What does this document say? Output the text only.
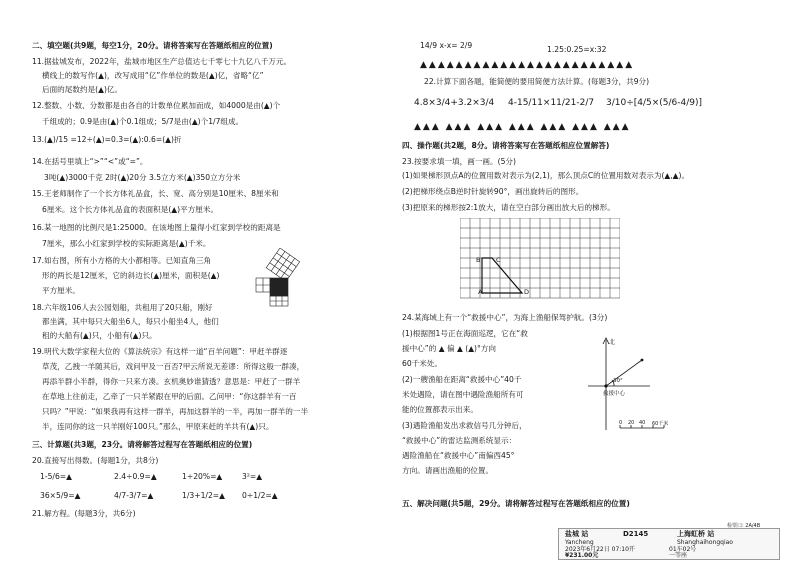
二、填空题(共9题，每空1分，20分。请将答案写在答题纸相应的位置)
11.据盐城发布，2022年，盐城市地区生产总值达七千零七十九亿八千万元。
横线上的数写作(▲)，改写成用“亿”作单位的数是(▲)亿，省略“亿”
后面的尾数约是(▲)亿。
12.整数、小数、分数都是由各自的计数单位累加而成，如4000是由(▲)个
千组成的；0.9是由(▲)个0.1组成；5/7是由(▲)个1/7组成。
13.(▲)/15 =12÷(▲)=0.3=(▲):0.6=(▲)折
14.在括号里填上“>”“<”或“=”。
3吨(▲)3000千克 2时(▲)20分 3.5立方米(▲)350立方分米
15.王老师制作了一个长方体礼品盒，长、宽、高分别是10厘米、8厘米和
6厘米。这个长方体礼品盒的表面积是(▲)平方厘米。
16.某一地图的比例尺是1:25000。在该地图上量得小红家到学校的距离是
7厘米，那么小红家到学校的实际距离是(▲)千米。
17.如右图，所有小方格的大小都相等。已知直角三角
形的两长是12厘米，它的斜边长(▲)厘米，面积是(▲)
平方厘米。
18.六年级106人去公园划船，共租用了20只船，刚好
都坐满，其中每只大船坐6人，每只小船坐4人，他们
租的大船有(▲)只，小船有(▲)只。
19.明代大数学家程大位的《算法统宗》有这样一道“百羊问题”：甲赶羊群逐
草茂，乙拽一羊随其后，戏问甲及一百否?甲云所说无差谬：所得这般一群凑，
再添半群小半群，得你一只来方凑。玄机奥妙谁猜透？意思是：甲赶了一群羊
在草地上往前走，乙牵了一只羊紧跟在甲的后面。乙问甲：“你这群羊有一百
只吗？”甲说：“如果我再有这样一群羊，再加这群羊的一半，再加一群羊的一半
半，连同你的这一只羊刚好100只。”那么，甲原来赶的羊共有(▲)只。
三、计算题(共3题，23分。请将解答过程写在答题纸相应的位置)
20.直接写出得数。(每题1分，共8分)
1-5/6=▲	2.4÷0.9=▲	1÷20%=▲	3²=▲
36×5/9=▲	4/7-3/7=▲	1/3+1/2=▲ 0÷1/2=▲
21.解方程。(每题3分，共6分)
14/9 x-x= 2/9	1.25:0.25=x:32
▲▲▲▲▲▲▲▲▲▲▲▲▲▲▲▲▲▲▲▲▲▲▲▲
22.计算下面各题，能简便的要用简便方法计算。(每题3分，共9分)
4.8×3/4+3.2×3/4 4-15/11×11/21-2/7 3/10÷[4/5×(5/6-4/9)]
▲▲▲ ▲▲▲ ▲▲▲ ▲▲▲ ▲▲▲ ▲▲▲ ▲▲▲
四、操作题(共2题，8分。请将答案写在答题纸相应位置解答)
23.按要求填一填，画一画。(5分)
(1)如果梯形顶点A的位置用数对表示为(2,1)，那么顶点C的位置用数对表示为(▲,▲)。
(2)把梯形绕点B逆时针旋转90°，画出旋转后的图形。
(3)把原来的梯形按2:1放大，请在空白部分画出放大后的梯形。
24.某海域上有一个“救援中心”，为海上渔船保驾护航。(3分)
(1)根据图1号正在海面巡逻，它在“救
援中心”的 ▲ 偏 ▲ (▲)°方向
60千米处。
(2)一艘渔船在距离“救援中心”40千
米处遇险，请在图中遇险渔船所有可
能的位置都表示出来。
(3)遇险渔船发出求救信号几分钟后，
“救援中心”的雷达监测系统显示：
遇险渔船在“救援中心”南偏西45°
方向。请画出渔船的位置。
五、解决问题(共5题，29分。请将解答过程写在答题纸相应的位置)
A
B C
D
北
救援中心
30°
0 20 40 60千米
盐城 站
Yancheng
D2145	上海虹桥 站
Shanghaihongqiao
检票口: 2A/4B
2023年6月22日 07:10开	01车02号
¥231.00元	一等座
